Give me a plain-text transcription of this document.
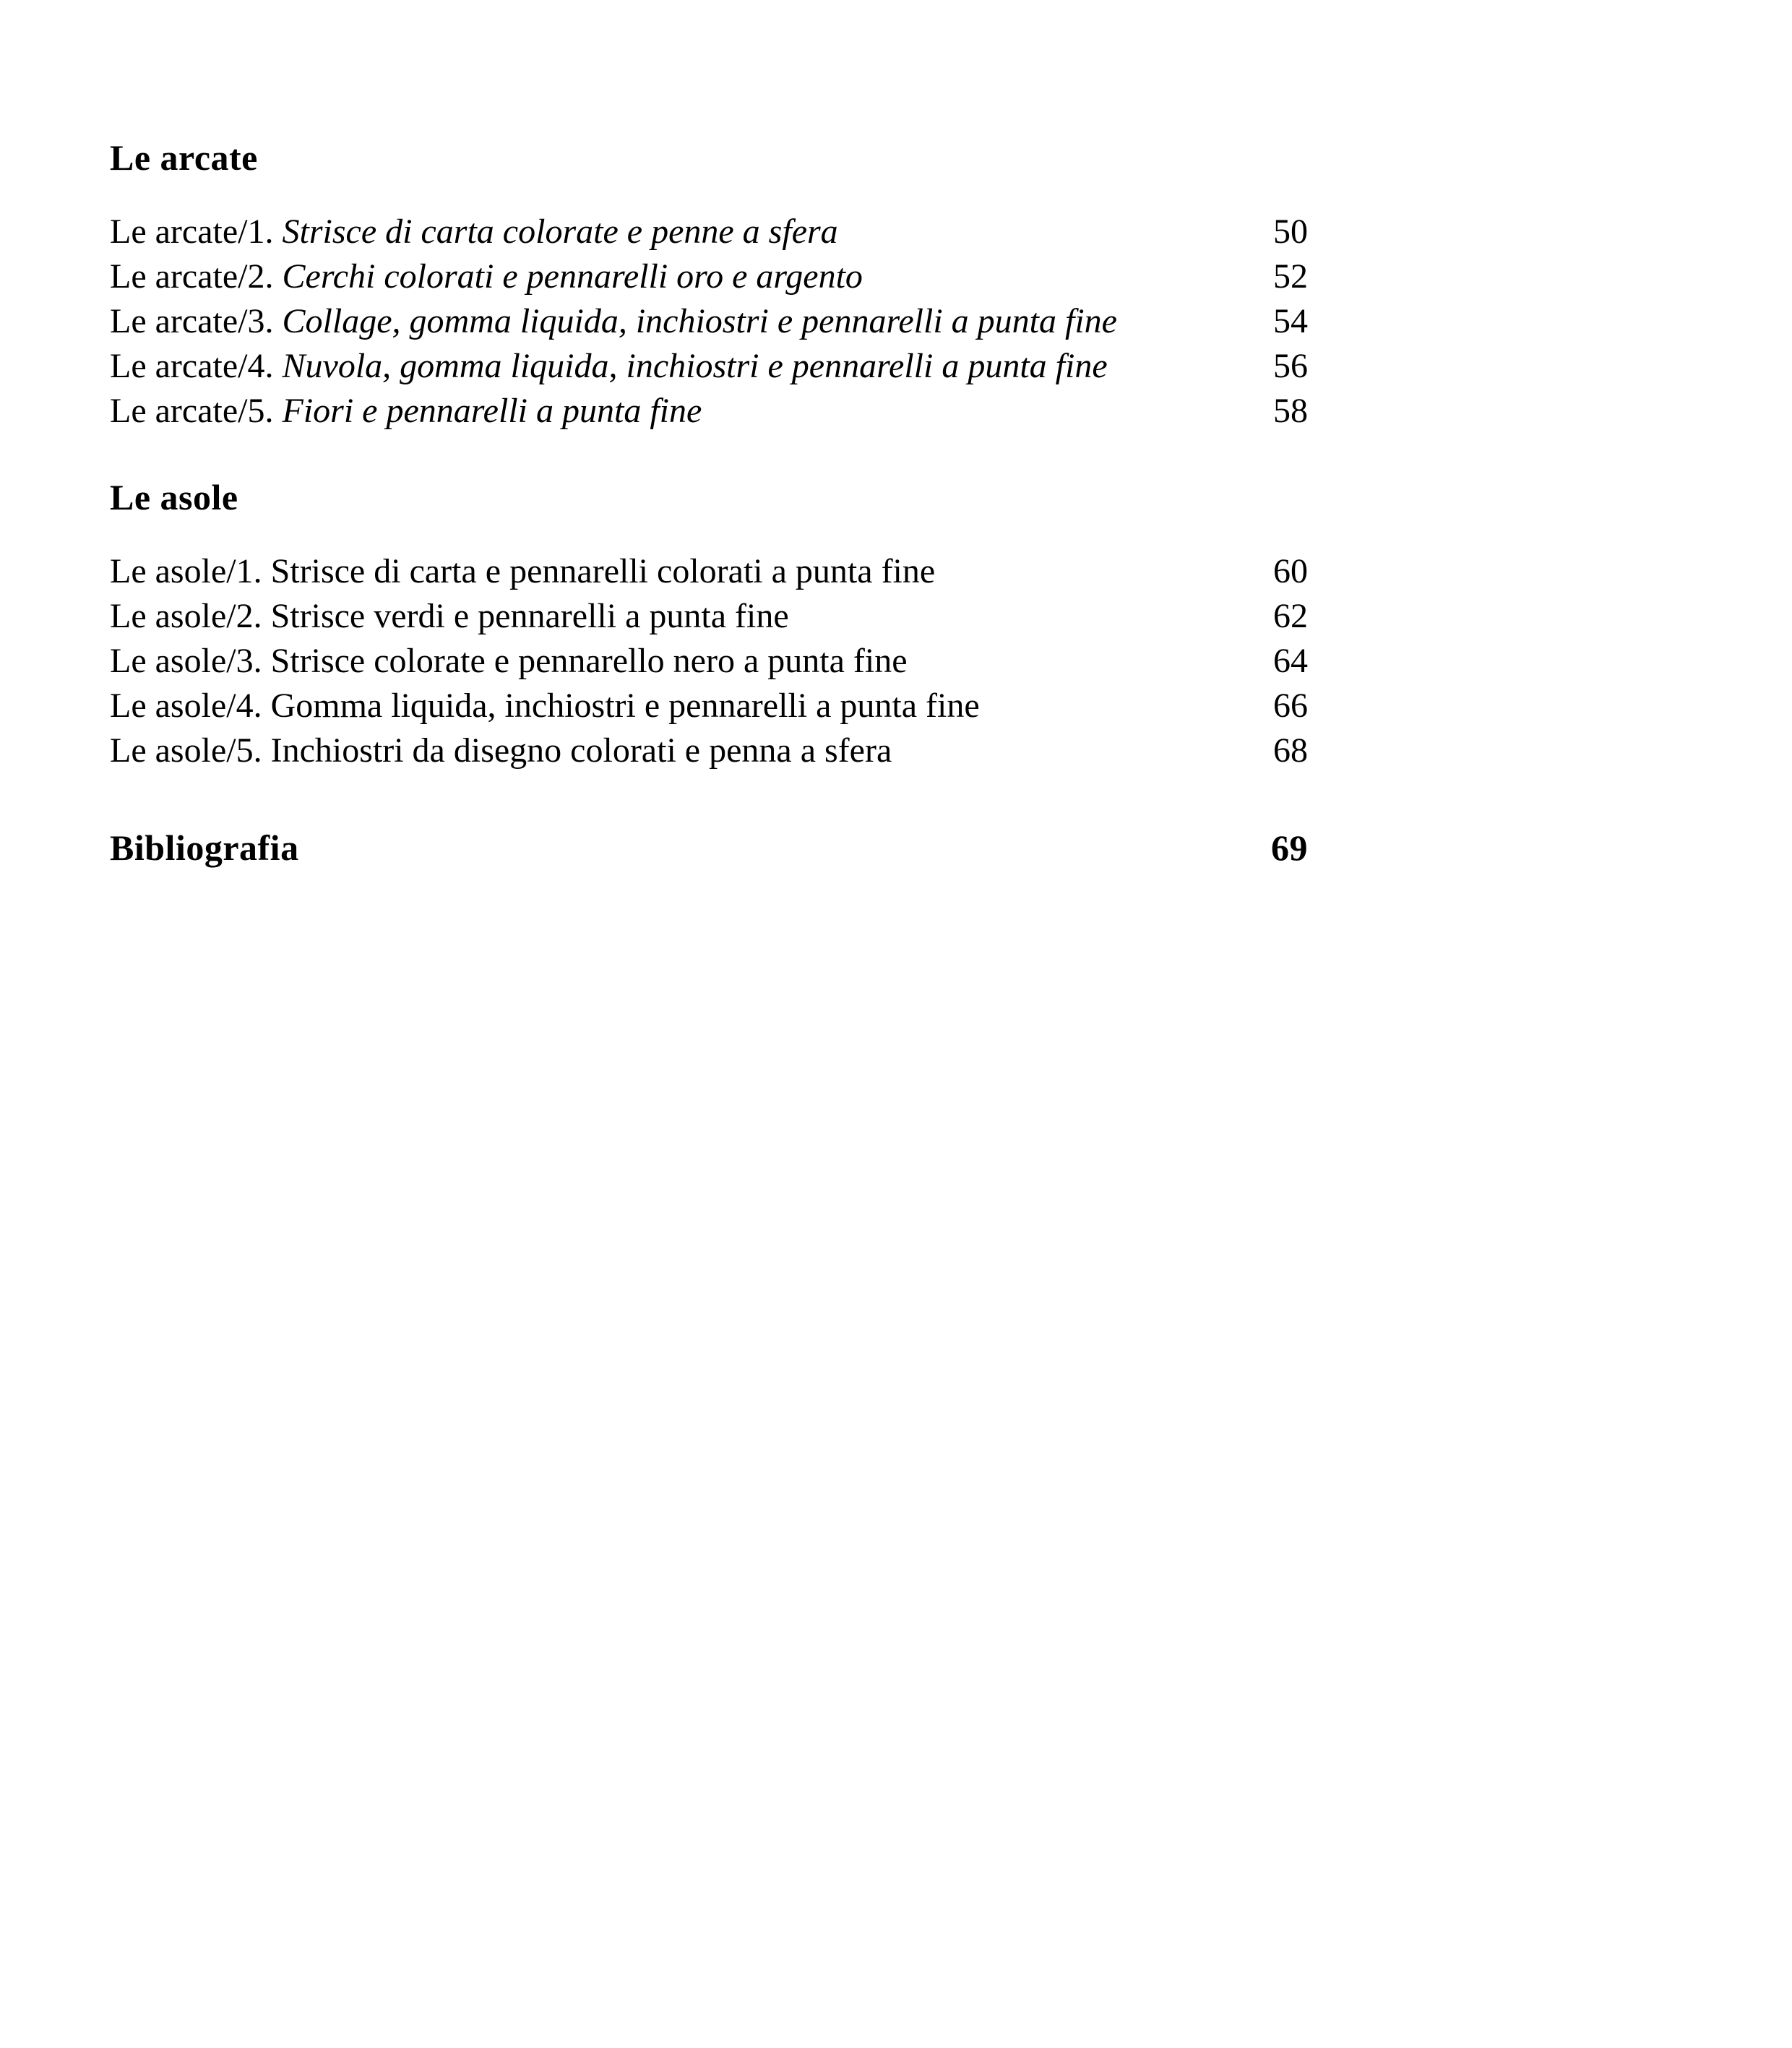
Le arcate
Le arcate/1. Strisce di carta colorate e penne a sfera	50
Le arcate/2. Cerchi colorati e pennarelli oro e argento	52
Le arcate/3. Collage, gomma liquida, inchiostri e pennarelli a punta fine	54
Le arcate/4. Nuvola, gomma liquida, inchiostri e pennarelli a punta fine	56
Le arcate/5. Fiori e pennarelli a punta fine	58
Le asole
Le asole/1. Strisce di carta e pennarelli colorati a punta fine	60
Le asole/2. Strisce verdi e pennarelli a punta fine	62
Le asole/3. Strisce colorate e pennarello nero a punta fine	64
Le asole/4. Gomma liquida, inchiostri e pennarelli a punta fine	66
Le asole/5. Inchiostri da disegno colorati e penna a sfera	68
Bibliografia	69
